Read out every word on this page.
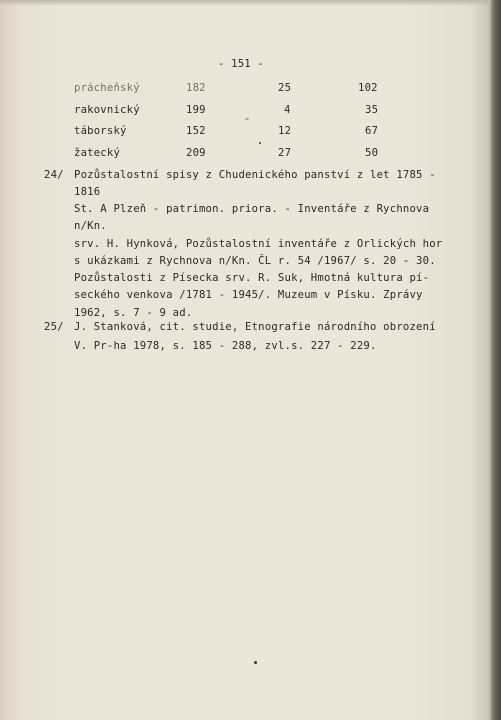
- 151 -
prácheňský	182	25	102
rakovnický	199	4	35
táborský	152	12	67
žatecký	209	27	50
24/ Pozůstalostní spisy z Chudenického panství z let 1785 -
1816
St. A Plzeň - patrimon. priora. - Inventáře z Rychnova
n/Kn.
srv. H. Hynková, Pozůstalostní inventáře z Orlických hor
s ukázkami z Rychnova n/Kn. ČL r. 54 /1967/ s. 20 - 30.
Pozůstalosti z Písecka srv. R. Suk, Hmotná kultura pí-
seckého venkova /1781 - 1945/. Muzeum v Písku. Zprávy
1962, s. 7 - 9 ad.
25/ J. Stanková, cit. studie, Etnografie národního obrození
V. Pr-ha 1978, s. 185 - 288, zvl.s. 227 - 229.
